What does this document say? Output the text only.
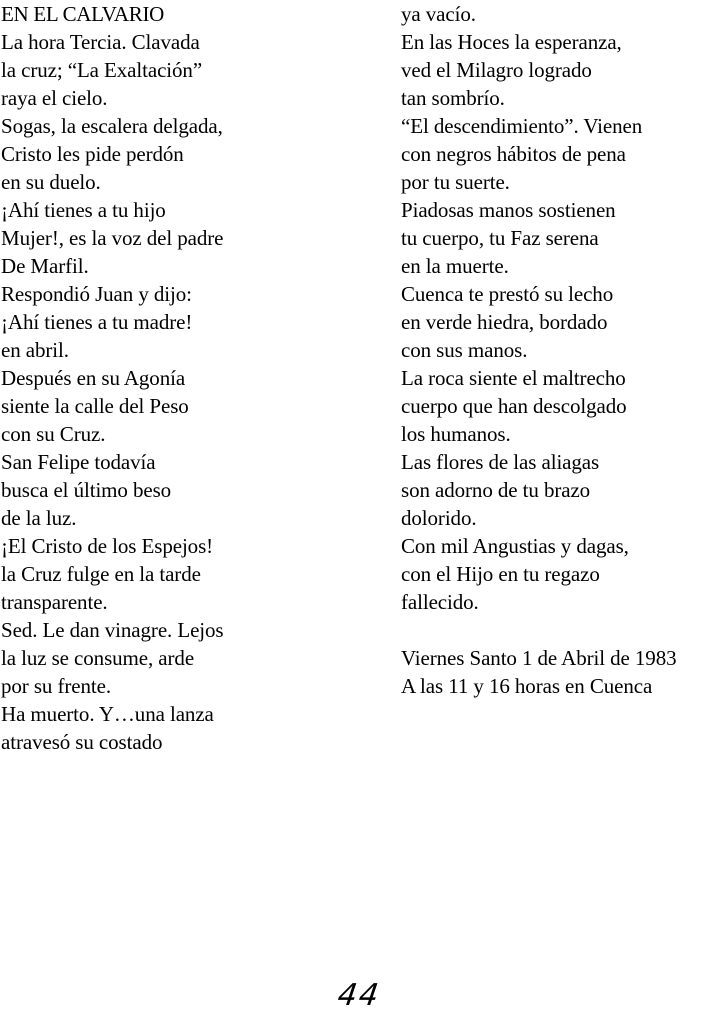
EN EL CALVARIO
La hora Tercia. Clavada
la cruz; “La Exaltación”
raya el cielo.
Sogas, la escalera delgada,
Cristo les pide perdón
en su duelo.
¡Ahí tienes a tu hijo
Mujer!, es la voz del padre
De Marfil.
Respondió Juan y dijo:
¡Ahí tienes a tu madre!
en abril.
Después en su Agonía
siente la calle del Peso
con su Cruz.
San Felipe todavía
busca el último beso
de la luz.
¡El Cristo de los Espejos!
la Cruz fulge en la tarde
transparente.
Sed. Le dan vinagre. Lejos
la luz se consume, arde
por su frente.
Ha muerto. Y…una lanza
atravesó su costado
ya vacío.
En las Hoces la esperanza,
ved el Milagro logrado
tan sombrío.
“El descendimiento”. Vienen
con negros hábitos de pena
por tu suerte.
Piadosas manos sostienen
tu cuerpo, tu Faz serena
en la muerte.
Cuenca te prestó su lecho
en verde hiedra, bordado
con sus manos.
La roca siente el maltrecho
cuerpo que han descolgado
los humanos.
Las flores de las aliagas
son adorno de tu brazo
dolorido.
Con mil Angustias y dagas,
con el Hijo en tu regazo
fallecido.
Viernes Santo 1 de Abril de 1983
A las 11 y 16 horas en Cuenca
44
